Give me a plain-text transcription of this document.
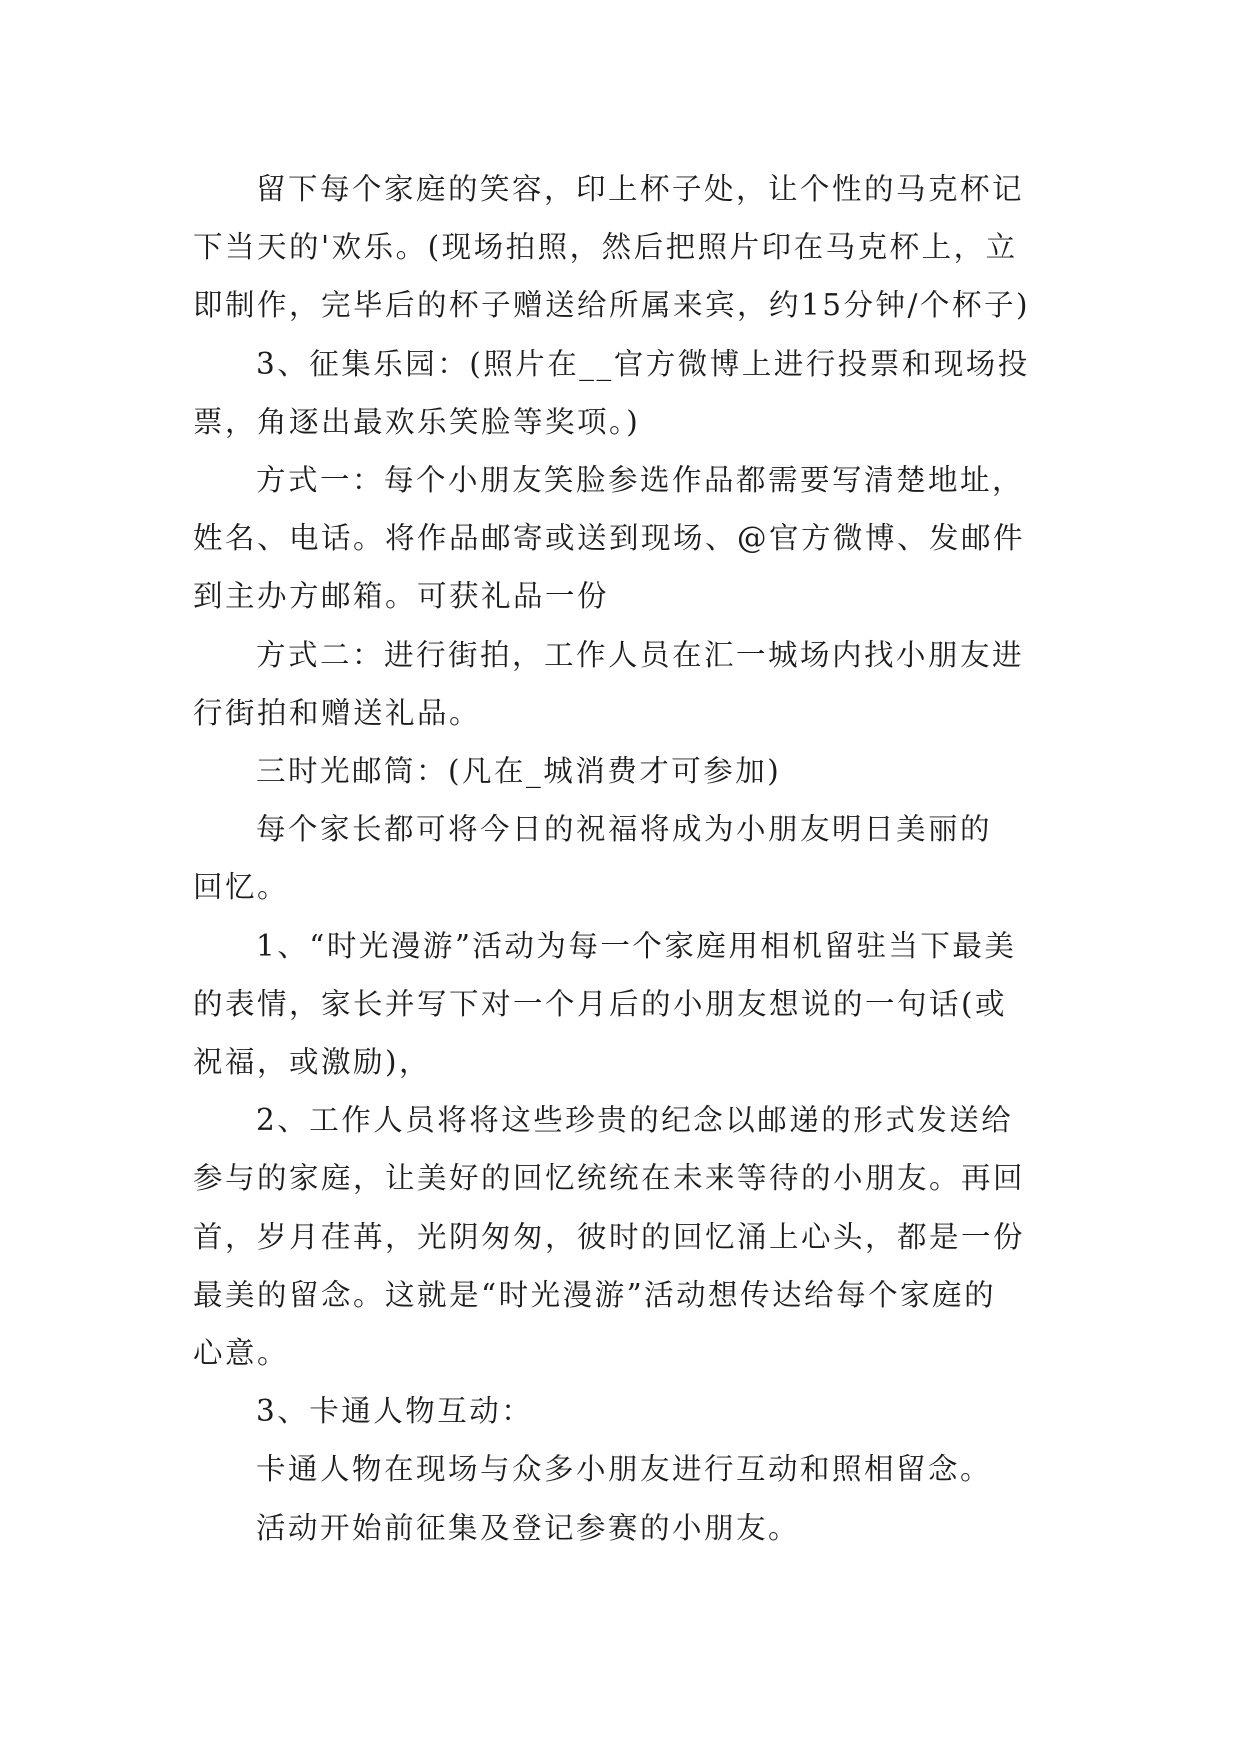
留下每个家庭的笑容，印上杯子处，让个性的马克杯记
下当天的'欢乐。(现场拍照，然后把照片印在马克杯上，立
即制作，完毕后的杯子赠送给所属来宾，约15分钟/个杯子)

3、征集乐园：(照片在__官方微博上进行投票和现场投
票，角逐出最欢乐笑脸等奖项。)

方式一：每个小朋友笑脸参选作品都需要写清楚地址，
姓名、电话。将作品邮寄或送到现场、@官方微博、发邮件
到主办方邮箱。可获礼品一份

方式二：进行街拍，工作人员在汇一城场内找小朋友进
行街拍和赠送礼品。

三时光邮筒：(凡在_城消费才可参加)

每个家长都可将今日的祝福将成为小朋友明日美丽的
回忆。

1、“时光漫游”活动为每一个家庭用相机留驻当下最美
的表情，家长并写下对一个月后的小朋友想说的一句话(或
祝福，或激励)，

2、工作人员将将这些珍贵的纪念以邮递的形式发送给
参与的家庭，让美好的回忆统统在未来等待的小朋友。再回
首，岁月荏苒，光阴匆匆，彼时的回忆涌上心头，都是一份
最美的留念。这就是“时光漫游”活动想传达给每个家庭的
心意。

3、卡通人物互动：

卡通人物在现场与众多小朋友进行互动和照相留念。

活动开始前征集及登记参赛的小朋友。
